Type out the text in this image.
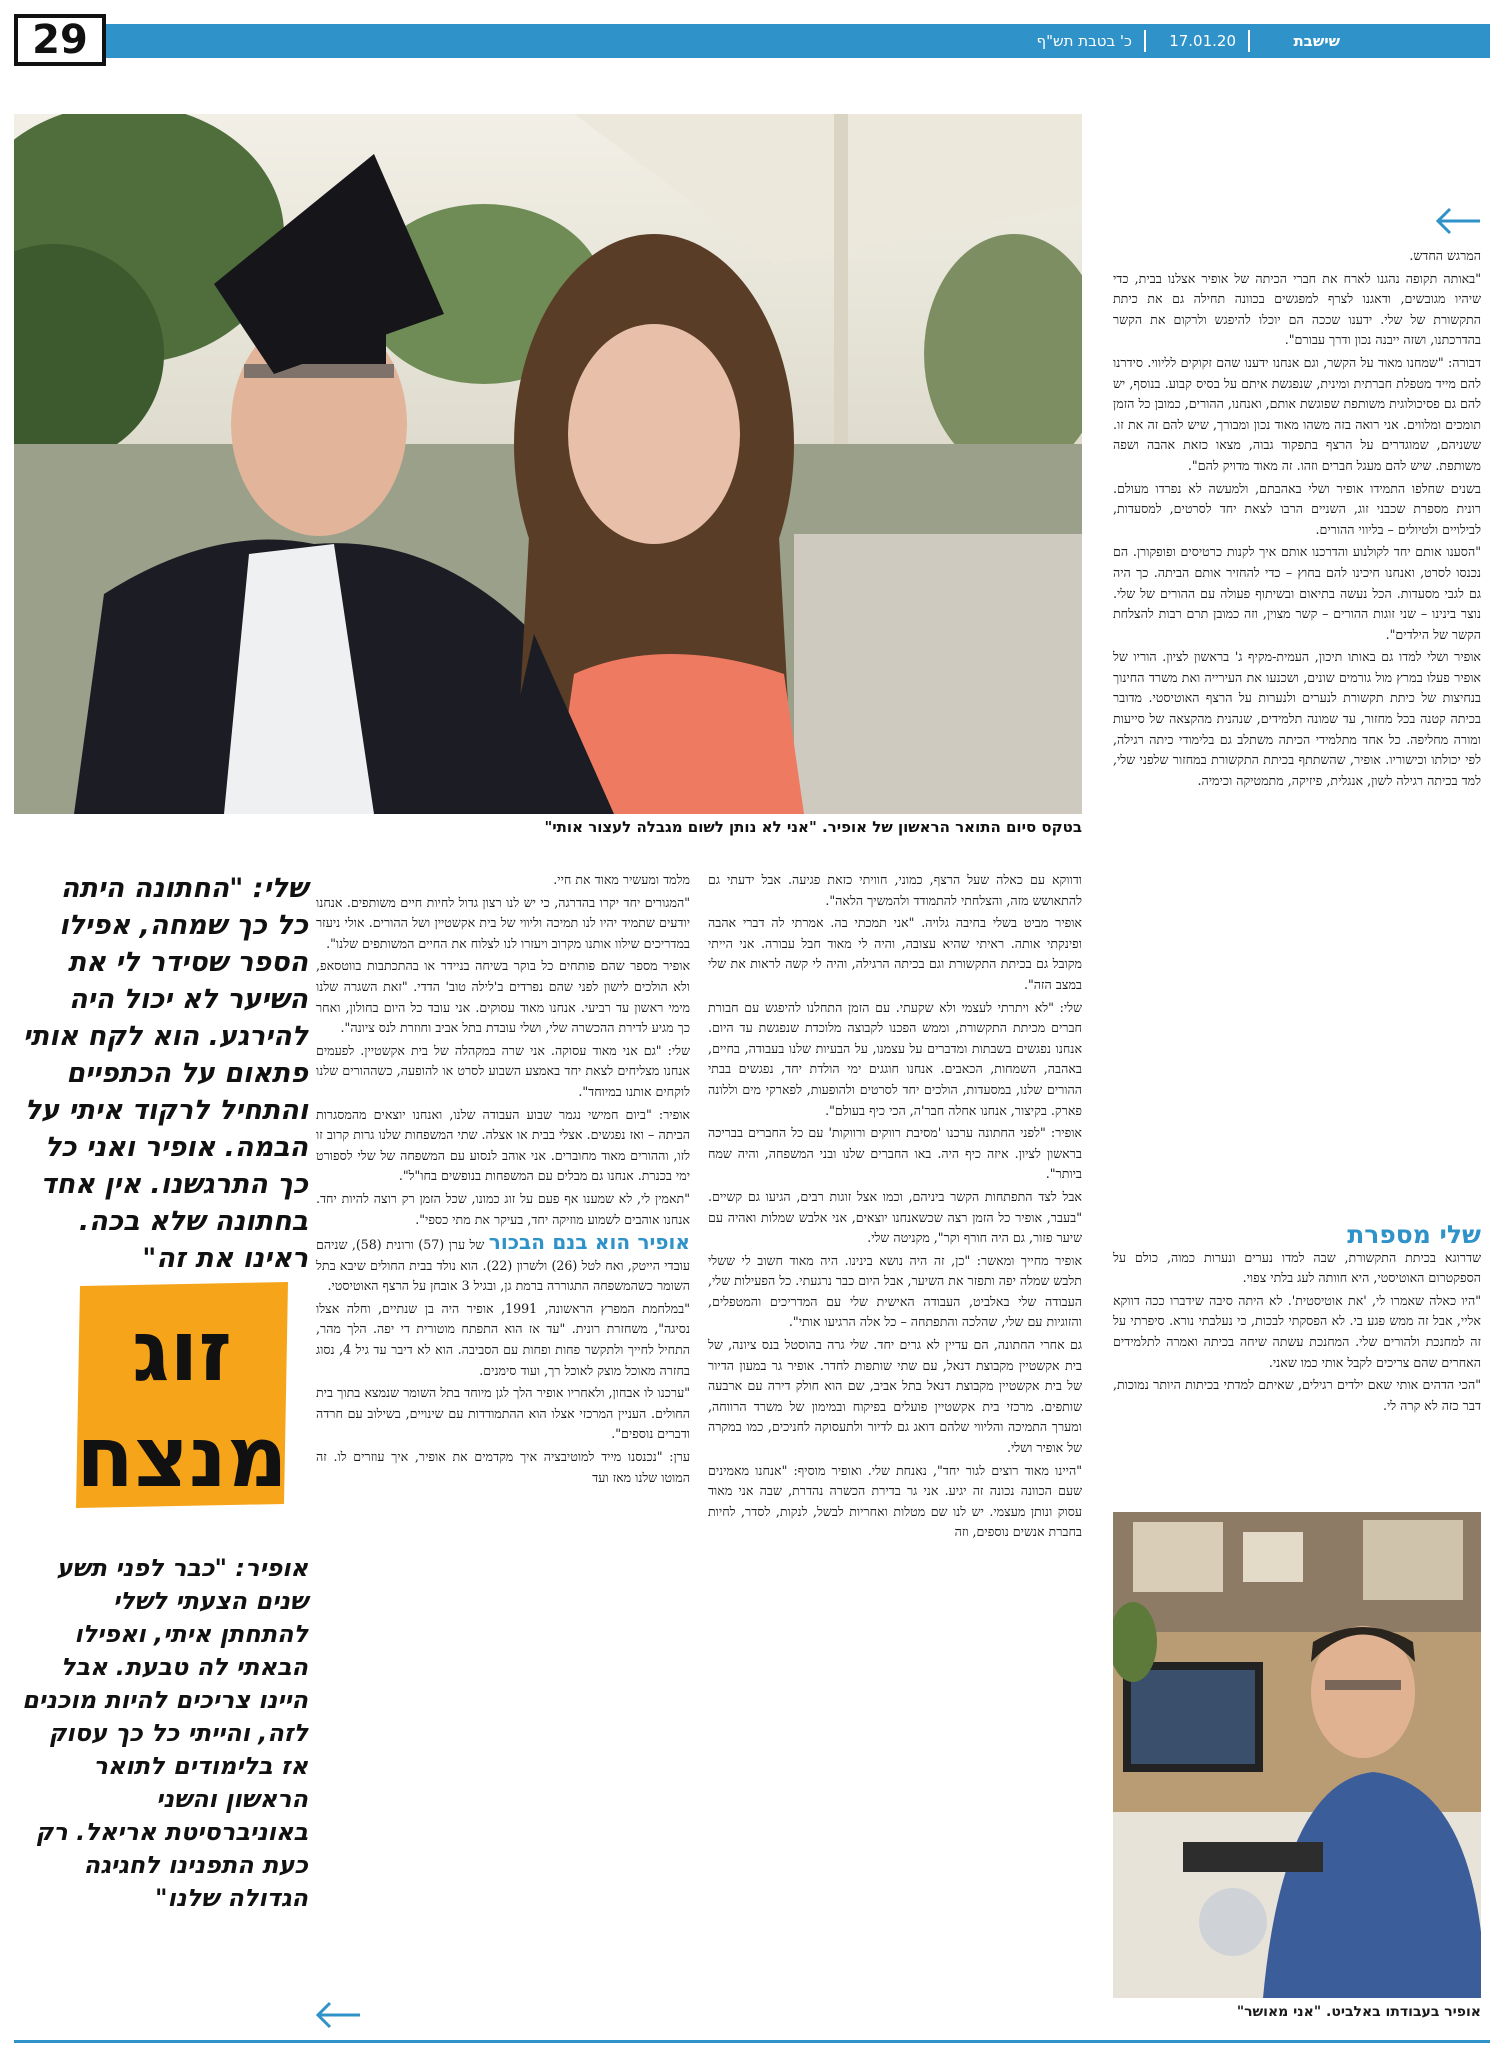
29	שישבת
17.01.20
כ' בטבת תש"ף
בטקס סיום התואר הראשון של אופיר. "אני לא נותן לשום מגבלה לעצור אותי"

המרגש החדש.

"באותה תקופה נהגנו לארח את חברי הכיתה של אופיר אצלנו בבית, כדי שיהיו מגובשים, ודאגנו לצרף למפגשים בכוונה תחילה גם את כיתת התקשורת של שלי. ידענו שככה הם יוכלו להיפגש ולרקום את הקשר בהדרכתנו, ושזה ייבנה נכון ודרך עבורם".

דבורה: "שמחנו מאוד על הקשר, וגם אנחנו ידענו שהם זקוקים לליווי. סידרנו להם מייד מטפלת חברתית ומינית, שנפגשת איתם על בסיס קבוע. בנוסף, יש להם גם פסיכולוגית משותפת שפוגשת אותם, ואנחנו, ההורים, כמובן כל הזמן תומכים ומלווים. אני רואה בזה משהו מאוד נכון ומבורך, שיש להם זה את זו. ששניהם, שמוגדרים על הרצף בתפקוד גבוה, מצאו כזאת אהבה ושפה משותפת. שיש להם מעגל חברים וזהו. זה מאוד מדויק להם".

בשנים שחלפו התמידו אופיר ושלי באהבתם, ולמעשה לא נפרדו מעולם. רונית מספרת שכבני זוג, השניים הרבו לצאת יחד לסרטים, למסעדות, לבילויים ולטיולים – בליווי ההורים.

"הסענו אותם יחד לקולנוע והדרכנו אותם איך לקנות כרטיסים ופופקורן. הם נכנסו לסרט, ואנחנו חיכינו להם בחוץ – כדי להחזיר אותם הביתה. כך היה גם לגבי מסעדות. הכל נעשה בתיאום ובשיתוף פעולה עם ההורים של שלי. נוצר בינינו – שני זוגות ההורים – קשר מצוין, וזה כמובן תרם רבות להצלחת הקשר של הילדים".

אופיר ושלי למדו גם באותו תיכון, העמית-מקיף ג' בראשון לציון. הוריו של אופיר פעלו במרץ מול גורמים שונים, ושכנעו את העירייה ואת משרד החינוך בנחיצות של כיתת תקשורת לנערים ולנערות על הרצף האוטיסטי. מדובר בכיתה קטנה בכל מחזור, עד שמונה תלמידים, שנהנית מהקצאה של סייעות ומורה מחליפה. כל אחד מתלמידי הכיתה משתלב גם בלימודי כיתה רגילה, לפי יכולתו וכישוריו. אופיר, שהשתתף בכיתת התקשורת במחזור שלפני שלי, למד בכיתה רגילה לשון, אנגלית, פיזיקה, מתמטיקה וכימיה.

שלי מספרת

שדרוגא בכיתת התקשורת, שבה למדו נערים ונערות כמוה, כולם על הספקטרום האוטיסטי, היא חוותה לעג בלתי צפוי.

"היו כאלה שאמרו לי, 'את אוטיסטית'. לא היתה סיבה שידברו ככה דווקא אליי, אבל זה ממש פגע בי. לא הפסקתי לבכות, כי נעלבתי נורא. סיפרתי על זה למחנכת ולהורים שלי. המחנכת עשתה שיחה בכיתה ואמרה לתלמידים האחרים שהם צריכים לקבל אותי כמו שאני.

"הכי הדהים אותי שאם ילדים רגילים, שאיתם למדתי בכיתות היותר נמוכות, דבר כזה לא קרה לי.

אופיר בעבודתו באלביט. "אני מאושר"

ודווקא עם כאלה שעל הרצף, כמוני, חוויתי כזאת פגיעה. אבל ידעתי גם להתאושש מזה, והצלחתי להתמודד ולהמשיך הלאה".

אופיר מביט בשלי בחיבה גלויה. "אני תמכתי בה. אמרתי לה דברי אהבה ופינקתי אותה. ראיתי שהיא עצובה, והיה לי מאוד חבל עבורה. אני הייתי מקובל גם בכיתת התקשורת וגם בכיתה הרגילה, והיה לי קשה לראות את שלי במצב הזה".

שלי: "לא ויתרתי לעצמי ולא שקעתי. עם הזמן התחלנו להיפגש עם חבורת חברים מכיתת התקשורת, וממש הפכנו לקבוצה מלוכדת שנפגשת עד היום. אנחנו נפגשים בשבתות ומדברים על עצמנו, על הבעיות שלנו בעבודה, בחיים, באהבה, השמחות, הכאבים. אנחנו חוגגים ימי הולדת יחד, נפגשים בבתי ההורים שלנו, במסעדות, הולכים יחד לסרטים ולהופעות, לפארקי מים וללונה פארק. בקיצור, אנחנו אחלה חבר'ה, הכי כיף בעולם".

אופיר: "לפני החתונה ערכנו 'מסיבת רווקים ורווקות' עם כל החברים בבריכה בראשון לציון. איזה כיף היה. באו החברים שלנו ובני המשפחה, והיה שמח ביותר".

אבל לצד התפתחות הקשר ביניהם, וכמו אצל זוגות רבים, הגיעו גם קשיים. "בעבר, אופיר כל הזמן רצה שכשאנחנו יוצאים, אני אלבש שמלות ואהיה עם שיער פזור, גם היה חורף וקר", מקניטה שלי.

אופיר מחייך ומאשר: "כן, זה היה נושא בינינו. היה מאוד חשוב לי ששלי תלבש שמלה יפה ותפזר את השיער, אבל היום כבר נרגעתי. כל הפעילות שלי, העבודה שלי באלביט, העבודה האישית שלי עם המדריכים והמטפלים, והזוגיות עם שלי, שהלכה והתפתחה – כל אלה הרגיעו אותי".

גם אחרי החתונה, הם עדיין לא גרים יחד. שלי גרה בהוסטל בנס ציונה, של בית אקשטיין מקבוצת דנאל, עם שתי שותפות לחדר. אופיר גר במעון הדיור של בית אקשטיין מקבוצת דנאל בתל אביב, שם הוא חולק דירה עם ארבעה שותפים. מרכזי בית אקשטיין פועלים בפיקוח ובמימון של משרד הרווחה, ומערך התמיכה והליווי שלהם דואג גם לדיור ולתעסוקה לחניכים, כמו במקרה של אופיר ושלי.

"היינו מאוד רוצים לגור יחד", נאנחת שלי. ואופיר מוסיף: "אנחנו מאמינים שעם הכוונה נכונה זה יגיע. אני גר בדירת הכשרה נהדרת, שבה אני מאוד עסוק ונותן מעצמי. יש לנו שם מטלות ואחריות לבשל, לנקות, לסדר, לחיות בחברת אנשים נוספים, וזה

מלמד ומעשיר מאוד את חיי.

"המגורים יחד יקרו בהדרגה, כי יש לנו רצון גדול לחיות חיים משותפים. אנחנו יודעים שתמיד יהיו לנו תמיכה וליווי של בית אקשטיין ושל ההורים. אולי ניעזר במדריכים שילוו אותנו מקרוב ויעזרו לנו לצלוח את החיים המשותפים שלנו".

אופיר מספר שהם פותחים כל בוקר בשיחה בניידר או בהתכתבות בווטסאפ, ולא הולכים לישון לפני שהם נפרדים ב'לילה טוב' הדדי. "זאת השגרה שלנו מימי ראשון עד רביעי. אנחנו מאוד עסוקים. אני עובד כל היום בחולון, ואחר כך מגיע לדירת ההכשרה שלי, ושלי עובדת בתל אביב וחוזרת לנס ציונה".

שלי: "גם אני מאוד עסוקה. אני שרה במקהלה של בית אקשטיין. לפעמים אנחנו מצליחים לצאת יחד באמצע השבוע לסרט או להופעה, כשההורים שלנו לוקחים אותנו במיוחד".

אופיר: "ביום חמישי נגמר שבוע העבודה שלנו, ואנחנו יוצאים מהמסגרות הביתה – ואז נפגשים. אצלי בבית או אצלה. שתי המשפחות שלנו גרות קרוב זו לזו, וההורים מאוד מחוברים. אני אוהב לנסוע עם המשפחה של שלי לספורט ימי בכנרת. אנחנו גם מבלים עם המשפחות בנופשים בחו"ל".

"תאמין לי, לא שמענו אף פעם על זוג כמונו, שכל הזמן רק רוצה להיות יחד. אנחנו אוהבים לשמוע מוזיקה יחד, בעיקר את מתי כספי".

אופיר הוא בנם הבכור של ערן (57) ורונית (58), שניהם עובדי הייטק, ואח לטל (26) ולשרון (22). הוא נולד בבית החולים שיבא בתל השומר כשהמשפחה התגוררה ברמת גן, ובגיל 3 אובחן על הרצף האוטיסטי.

"במלחמת המפרץ הראשונה, 1991, אופיר היה בן שנתיים, וחלה אצלו נסיגה", משחזרת רונית. "עד אז הוא התפתח מוטורית די יפה. הלך מהר, התחיל לחייך ולתקשר פחות ופחות עם הסביבה. הוא לא דיבר עד גיל 4, נסוג בחזרה מאוכל מוצק לאוכל רך, ועוד סימנים.

"ערכנו לו אבחון, ולאחריו אופיר הלך לגן מיוחד בתל השומר שנמצא בתוך בית החולים. העניין המרכזי אצלו הוא ההתמודדות עם שינויים, בשילוב עם חרדה ודברים נוספים".

ערן: "נכנסנו מייד למוטיבציה איך מקדמים את אופיר, איך עוזרים לו. זה המוטו שלנו מאז ועד

שלי: "החתונה היתה כל כך שמחה, אפילו הספר שסידר לי את השיער לא יכול היה להירגע. הוא לקח אותי פתאום על הכתפיים והתחיל לרקוד איתי על הבמה. אופיר ואני כל כך התרגשנו. אין אחד בחתונה שלא בכה. ראינו את זה"
זוג
מנצח
אופיר: "כבר לפני תשע שנים הצעתי לשלי להתחתן איתי, ואפילו הבאתי לה טבעת. אבל היינו צריכים להיות מוכנים לזה, והייתי כל כך עסוק אז בלימודים לתואר הראשון והשני באוניברסיטת אריאל. רק כעת התפנינו לחגיגה הגדולה שלנו"
